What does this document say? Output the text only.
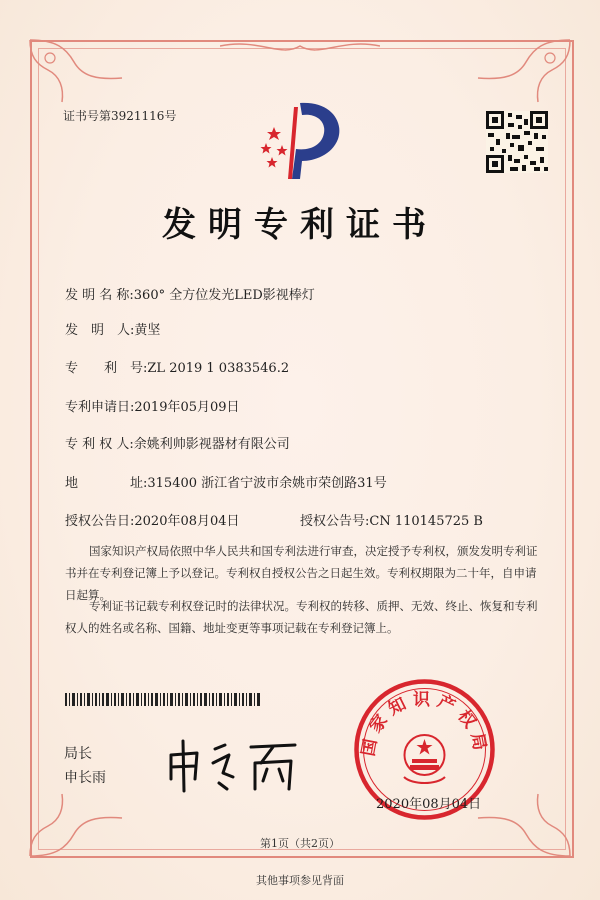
证书号第3921116号
发明专利证书
发 明 名 称:360° 全方位发光LED影视棒灯
发　明　人:黄坚
专　　利　号:ZL 2019 1 0383546.2
专利申请日:2019年05月09日
专 利 权 人:余姚利帅影视器材有限公司
地　　　　址:315400 浙江省宁波市余姚市荣创路31号
授权公告日:2020年08月04日	授权公告号:CN 110145725 B
国家知识产权局依照中华人民共和国专利法进行审查，决定授予专利权，颁发发明专利证书并在专利登记簿上予以登记。专利权自授权公告之日起生效。专利权期限为二十年，自申请日起算。
专利证书记载专利权登记时的法律状况。专利权的转移、质押、无效、终止、恢复和专利权人的姓名或名称、国籍、地址变更等事项记载在专利登记簿上。
局长
申长雨
国家知识产权局
2020年08月04日
第1页（共2页）
其他事项参见背面
